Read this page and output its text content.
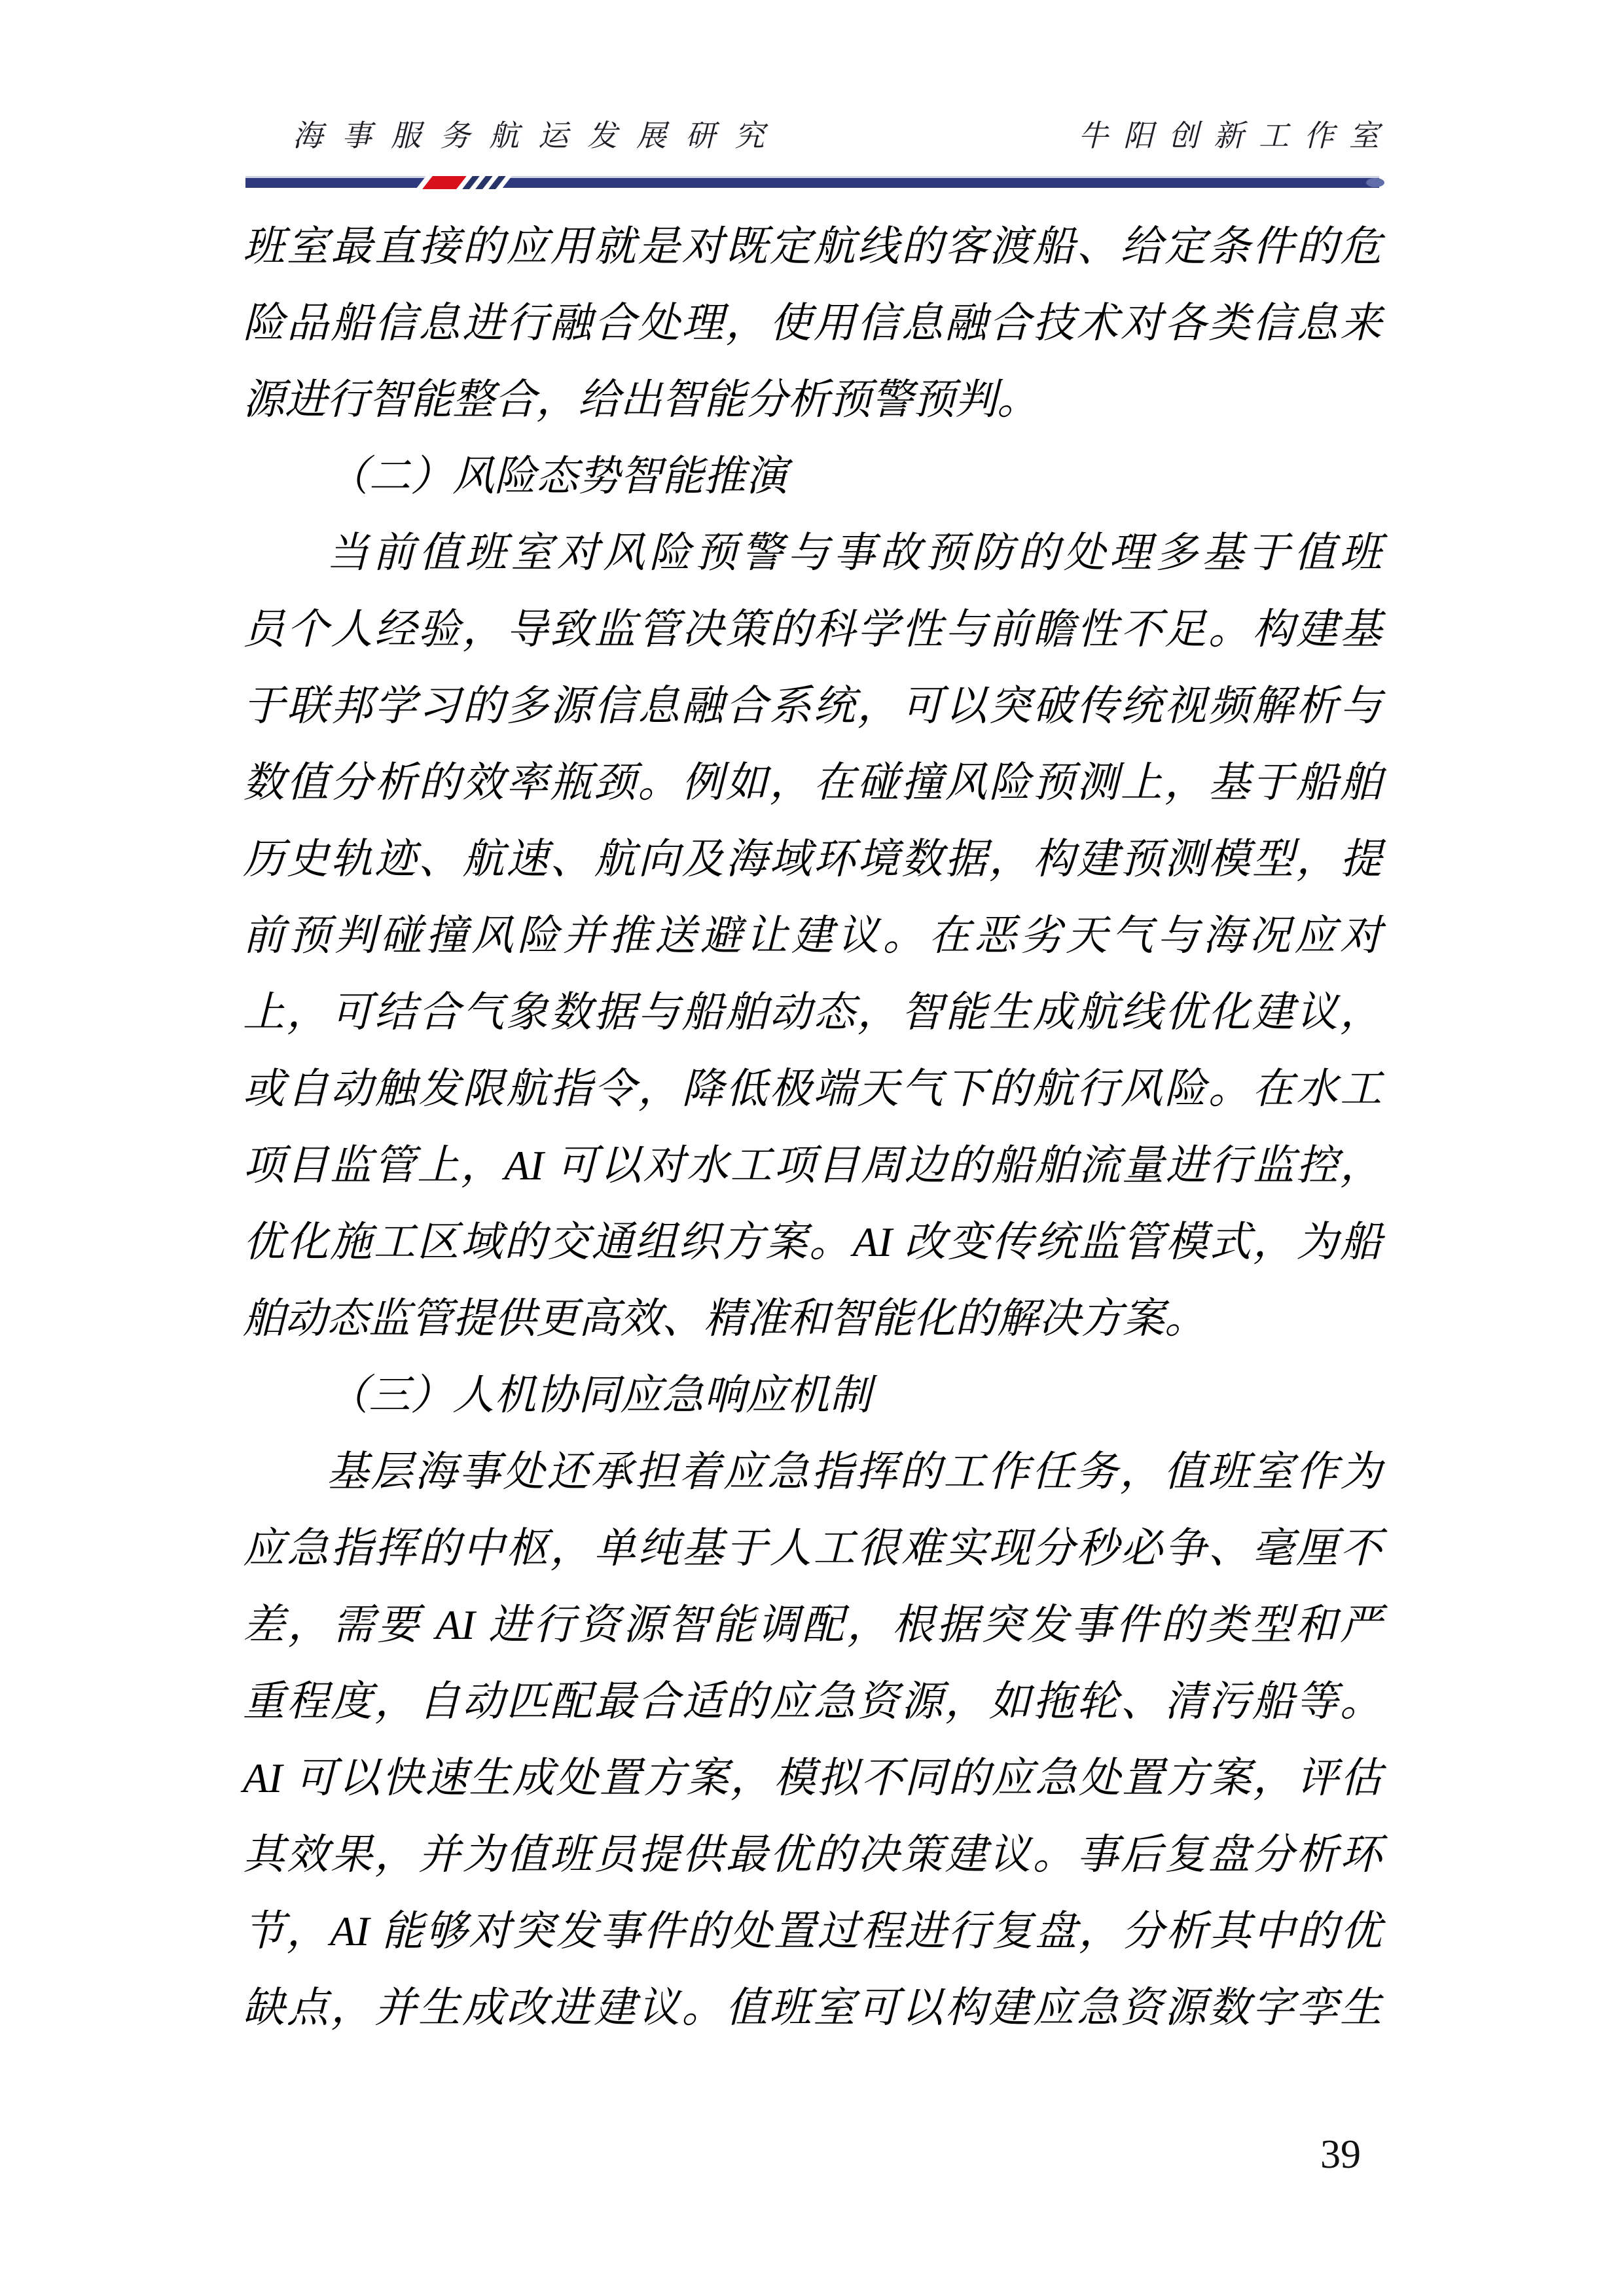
海事服务航运发展研究	牛阳创新工作室
班室最直接的应用就是对既定航线的客渡船、给定条件的危
险品船信息进行融合处理，使用信息融合技术对各类信息来
源进行智能整合，给出智能分析预警预判。
（二）风险态势智能推演
当前值班室对风险预警与事故预防的处理多基于值班
员个人经验，导致监管决策的科学性与前瞻性不足。构建基
于联邦学习的多源信息融合系统，可以突破传统视频解析与
数值分析的效率瓶颈。例如，在碰撞风险预测上，基于船舶
历史轨迹、航速、航向及海域环境数据，构建预测模型，提
前预判碰撞风险并推送避让建议。在恶劣天气与海况应对
上，可结合气象数据与船舶动态，智能生成航线优化建议，
或自动触发限航指令，降低极端天气下的航行风险。在水工
项目监管上，AI 可以对水工项目周边的船舶流量进行监控，
优化施工区域的交通组织方案。AI 改变传统监管模式，为船
舶动态监管提供更高效、精准和智能化的解决方案。
（三）人机协同应急响应机制
基层海事处还承担着应急指挥的工作任务，值班室作为
应急指挥的中枢，单纯基于人工很难实现分秒必争、毫厘不
差，需要 AI 进行资源智能调配，根据突发事件的类型和严
重程度，自动匹配最合适的应急资源，如拖轮、清污船等。
AI 可以快速生成处置方案，模拟不同的应急处置方案，评估
其效果，并为值班员提供最优的决策建议。事后复盘分析环
节，AI 能够对突发事件的处置过程进行复盘，分析其中的优
缺点，并生成改进建议。值班室可以构建应急资源数字孪生
39
